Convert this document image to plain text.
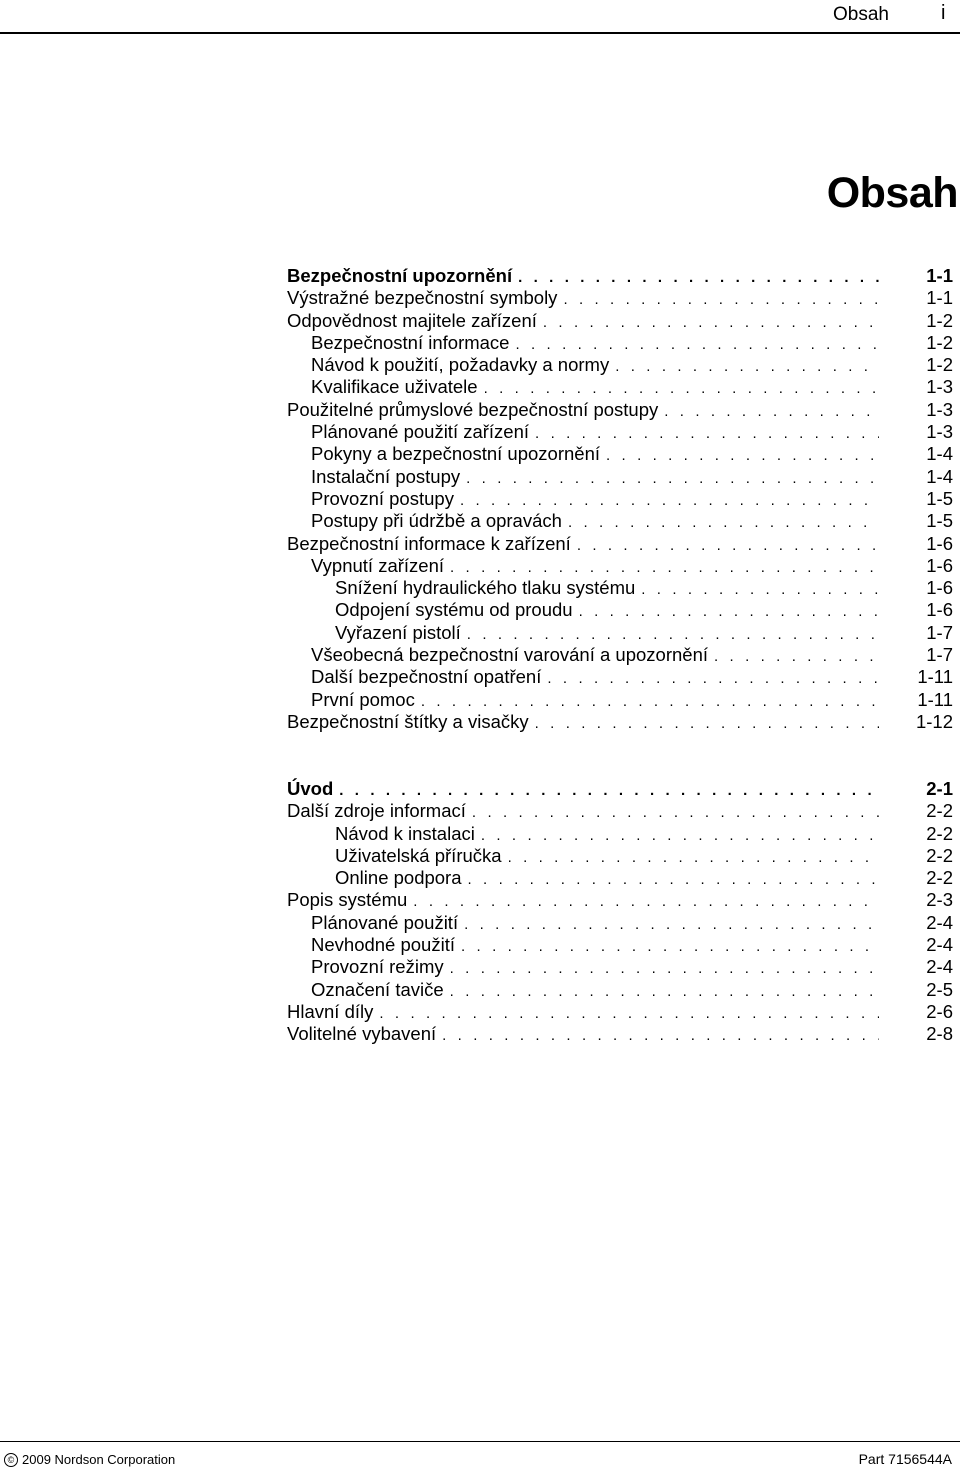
Obsah	i
Obsah
Bezpečnostní upozornění . . .	1-1
Výstražné bezpečnostní symboly . . .	1-1
Odpovědnost majitele zařízení . . .	1-2
Bezpečnostní informace . . .	1-2
Návod k použití, požadavky a normy . . .	1-2
Kvalifikace uživatele . . .	1-3
Použitelné průmyslové bezpečnostní postupy . . .	1-3
Plánované použití zařízení . . .	1-3
Pokyny a bezpečnostní upozornění . . .	1-4
Instalační postupy . . .	1-4
Provozní postupy . . .	1-5
Postupy při údržbě a opravách . . .	1-5
Bezpečnostní informace k zařízení . . .	1-6
Vypnutí zařízení . . .	1-6
Snížení hydraulického tlaku systému . . .	1-6
Odpojení systému od proudu . . .	1-6
Vyřazení pistolí . . .	1-7
Všeobecná bezpečnostní varování a upozornění . . .	1-7
Další bezpečnostní opatření . . .	1-11
První pomoc . . .	1-11
Bezpečnostní štítky a visačky . . .	1-12
Úvod . . .	2-1
Další zdroje informací . . .	2-2
Návod k instalaci . . .	2-2
Uživatelská příručka . . .	2-2
Online podpora . . .	2-2
Popis systému . . .	2-3
Plánované použití . . .	2-4
Nevhodné použití . . .	2-4
Provozní režimy . . .	2-4
Označení taviče . . .	2-5
Hlavní díly . . .	2-6
Volitelné vybavení . . .	2-8
© 2009 Nordson Corporation	Part 7156544A
